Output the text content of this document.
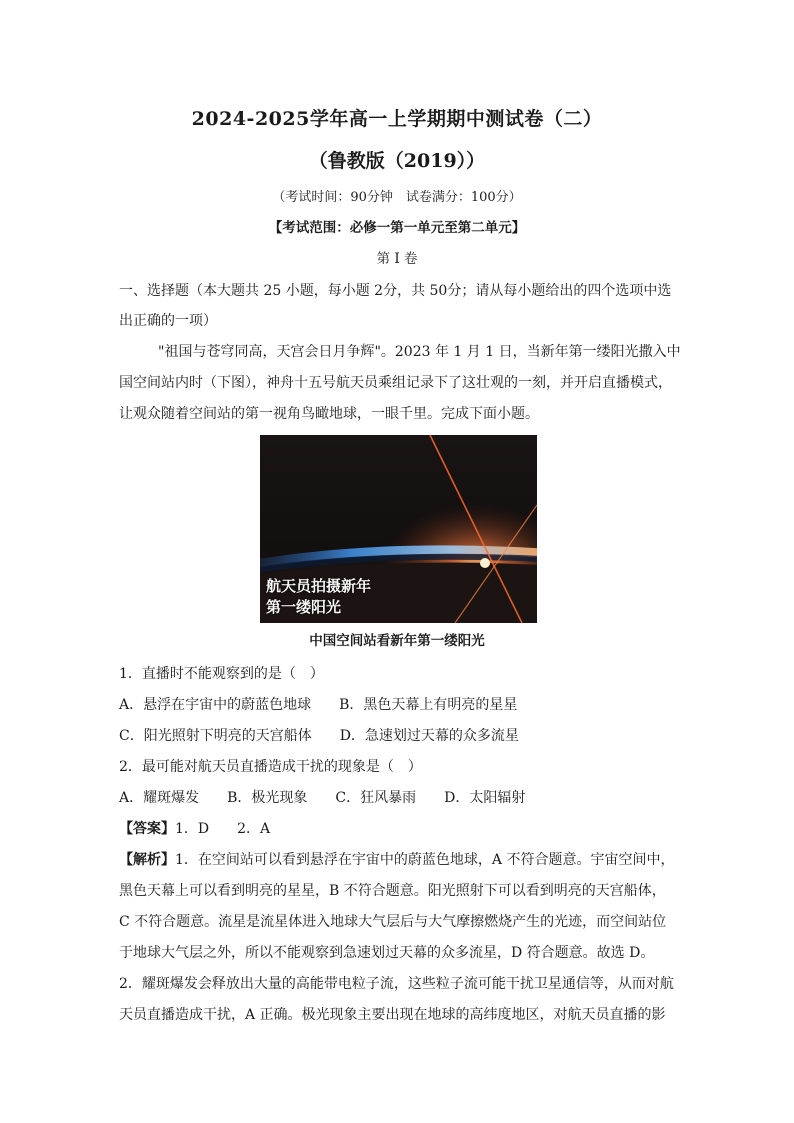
2024-2025学年高一上学期期中测试卷（二）
（鲁教版（2019））
（考试时间：90分钟　试卷满分：100分）
【考试范围：必修一第一单元至第二单元】
第 I 卷
一、选择题（本大题共 25 小题，每小题 2分，共 50分；请从每小题给出的四个选项中选
出正确的一项）
"祖国与苍穹同高，天宫会日月争辉"。2023 年 1 月 1 日，当新年第一缕阳光撒入中
国空间站内时（下图），神舟十五号航天员乘组记录下了这壮观的一刻，并开启直播模式，
让观众随着空间站的第一视角鸟瞰地球，一眼千里。完成下面小题。
航天员拍摄新年
第一缕阳光
中国空间站看新年第一缕阳光
1．直播时不能观察到的是（　）
A．悬浮在宇宙中的蔚蓝色地球　　B．黑色天幕上有明亮的星星
C．阳光照射下明亮的天宫船体　　D．急速划过天幕的众多流星
2．最可能对航天员直播造成干扰的现象是（　）
A．耀斑爆发　　B．极光现象　　C．狂风暴雨　　D．太阳辐射
【答案】1．D　　2．A
【解析】1．在空间站可以看到悬浮在宇宙中的蔚蓝色地球，A 不符合题意。宇宙空间中，
黑色天幕上可以看到明亮的星星，B 不符合题意。阳光照射下可以看到明亮的天宫船体，
C 不符合题意。流星是流星体进入地球大气层后与大气摩擦燃烧产生的光迹，而空间站位
于地球大气层之外，所以不能观察到急速划过天幕的众多流星，D 符合题意。故选 D。
2．耀斑爆发会释放出大量的高能带电粒子流，这些粒子流可能干扰卫星通信等，从而对航
天员直播造成干扰，A 正确。极光现象主要出现在地球的高纬度地区，对航天员直播的影
